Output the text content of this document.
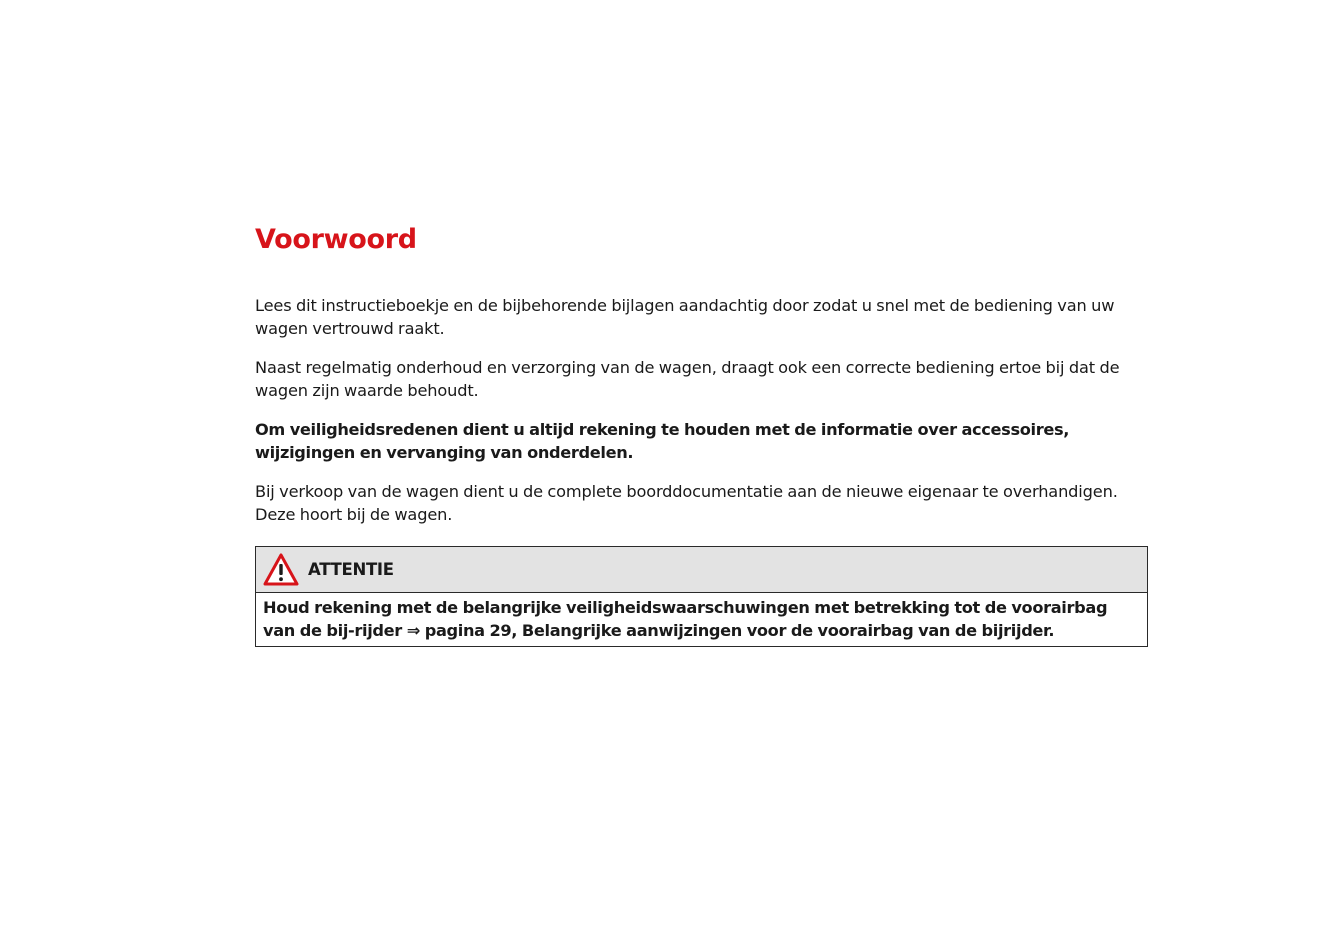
Voorwoord

Lees dit instructieboekje en de bijbehorende bijlagen aandachtig door zodat u snel met de bediening van uw wagen vertrouwd raakt.

Naast regelmatig onderhoud en verzorging van de wagen, draagt ook een correcte bediening ertoe bij dat de wagen zijn waarde behoudt.

Om veiligheidsredenen dient u altijd rekening te houden met de informatie over accessoires, wijzigingen en vervanging van onderdelen.

Bij verkoop van de wagen dient u de complete boorddocumentatie aan de nieuwe eigenaar te overhandigen. Deze hoort bij de wagen.

ATTENTIE
Houd rekening met de belangrijke veiligheidswaarschuwingen met betrekking tot de voorairbag van de bij-rijder ⇒ pagina 29, Belangrijke aanwijzingen voor de voorairbag van de bijrijder.
